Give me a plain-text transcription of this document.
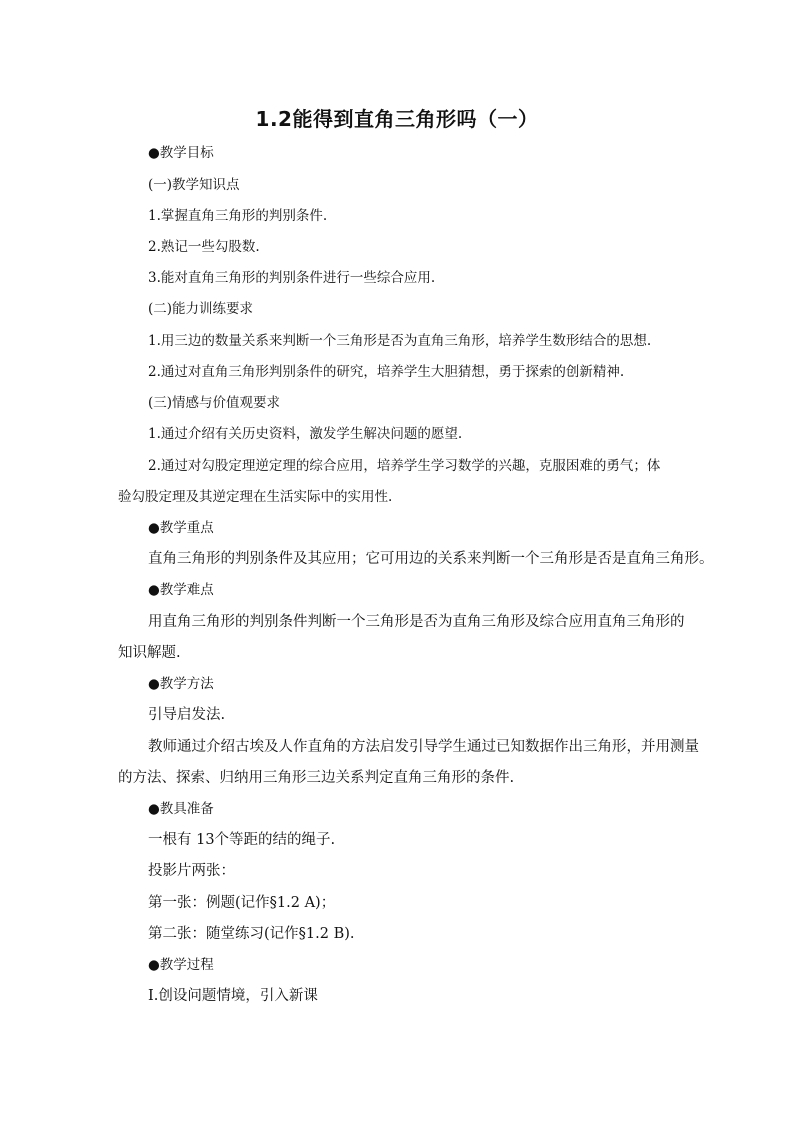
1.2能得到直角三角形吗（一）
●教学目标
(一)教学知识点
1.掌握直角三角形的判别条件.
2.熟记一些勾股数.
3.能对直角三角形的判别条件进行一些综合应用.
(二)能力训练要求
1.用三边的数量关系来判断一个三角形是否为直角三角形，培养学生数形结合的思想.
2.通过对直角三角形判别条件的研究，培养学生大胆猜想，勇于探索的创新精神.
(三)情感与价值观要求
1.通过介绍有关历史资料，激发学生解决问题的愿望.
2.通过对勾股定理逆定理的综合应用，培养学生学习数学的兴趣，克服困难的勇气；体
验勾股定理及其逆定理在生活实际中的实用性.
●教学重点
直角三角形的判别条件及其应用；它可用边的关系来判断一个三角形是否是直角三角形。
●教学难点
用直角三角形的判别条件判断一个三角形是否为直角三角形及综合应用直角三角形的
知识解题.
●教学方法
引导启发法.
教师通过介绍古埃及人作直角的方法启发引导学生通过已知数据作出三角形，并用测量
的方法、探索、归纳用三角形三边关系判定直角三角形的条件.
●教具准备
一根有 13个等距的结的绳子.
投影片两张：
第一张：例题(记作§1.2 A)；
第二张：随堂练习(记作§1.2 B).
●教学过程
Ⅰ.创设问题情境，引入新课
